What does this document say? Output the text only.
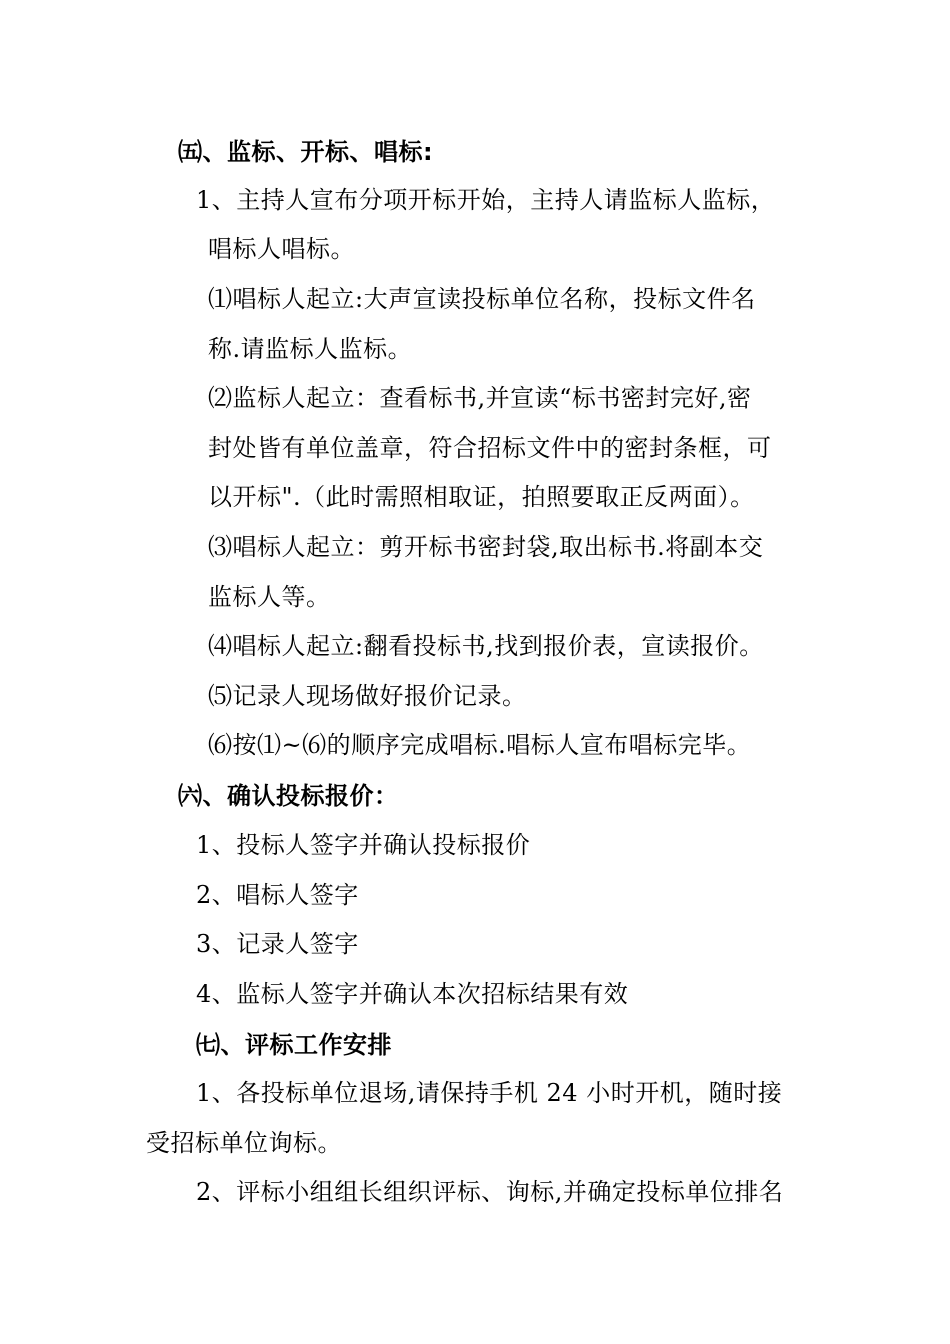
㈤、监标、开标、唱标:
1、主持人宣布分项开标开始，主持人请监标人监标，
唱标人唱标。
⑴唱标人起立:大声宣读投标单位名称，投标文件名
称.请监标人监标。
⑵监标人起立：查看标书,并宣读“标书密封完好,密
封处皆有单位盖章，符合招标文件中的密封条框，可
以开标".（此时需照相取证，拍照要取正反两面）。
⑶唱标人起立：剪开标书密封袋,取出标书.将副本交
监标人等。
⑷唱标人起立:翻看投标书,找到报价表，宣读报价。
⑸记录人现场做好报价记录。
⑹按⑴~⑹的顺序完成唱标.唱标人宣布唱标完毕。
㈥、确认投标报价：
1、投标人签字并确认投标报价
2、唱标人签字
3、记录人签字
4、监标人签字并确认本次招标结果有效
㈦、评标工作安排
1、各投标单位退场,请保持手机 24 小时开机，随时接
受招标单位询标。
2、评标小组组长组织评标、询标,并确定投标单位排名
